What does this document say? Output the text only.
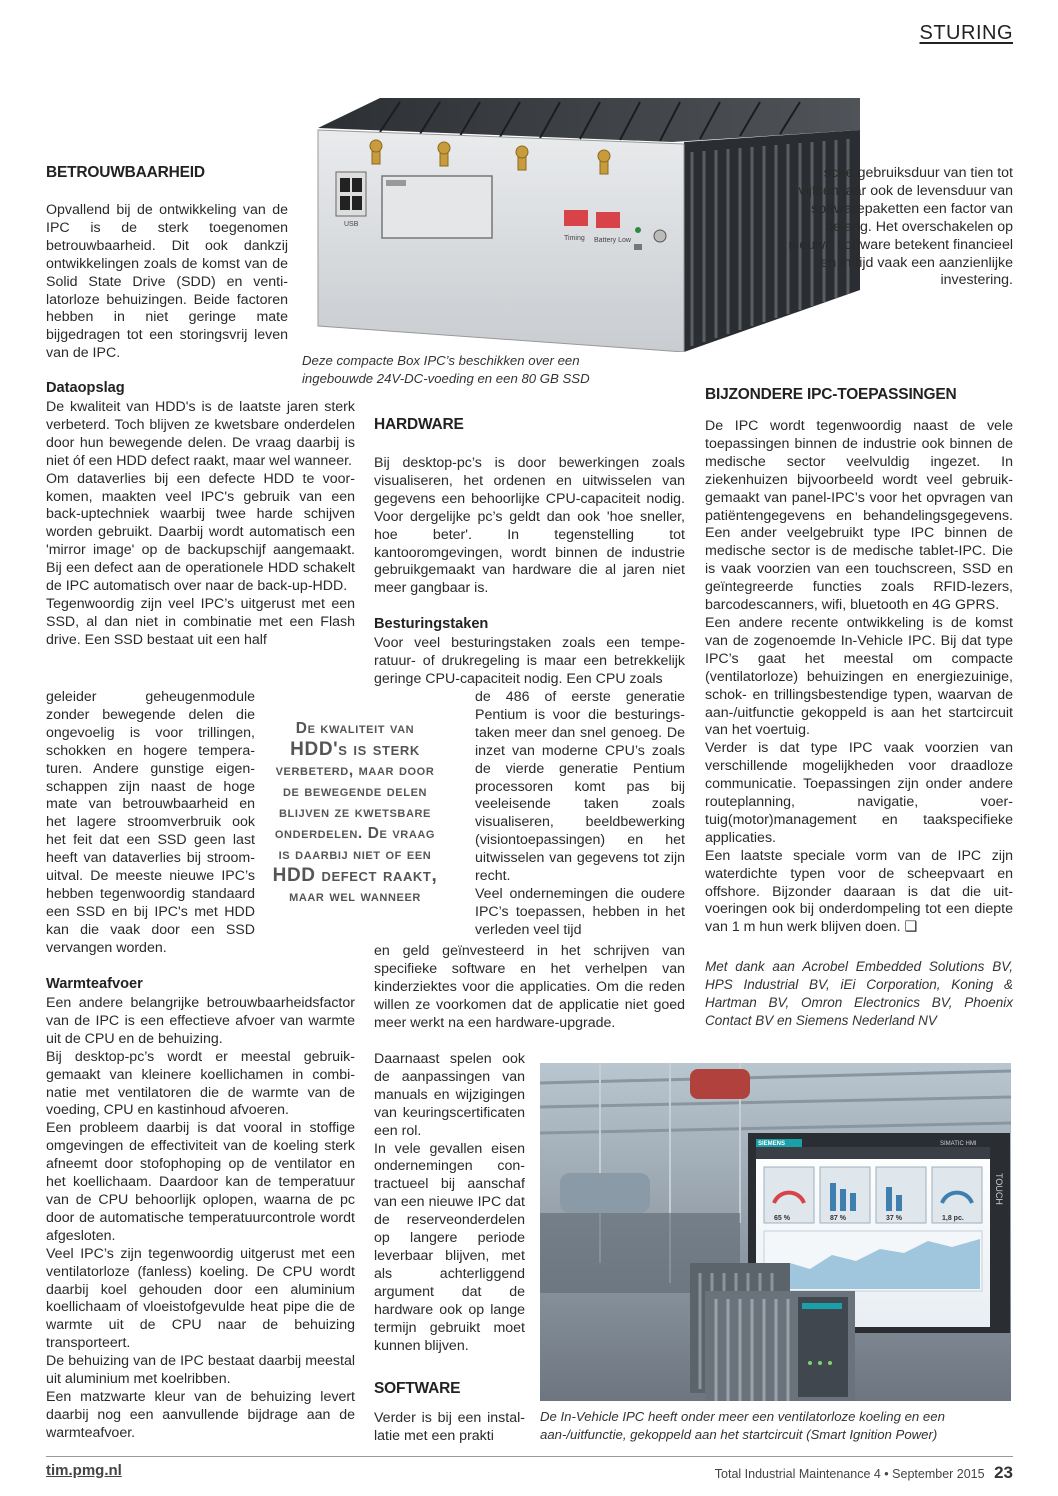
STURING
USB
Timing Battery Low
Deze compacte Box IPC’s beschikken over een
ingebouwde 24V-DC-voeding en een 80 GB SSD
BETROUWBAARHEID

Opvallend bij de ontwikkeling van de IPC is de sterk toegenomen betrouwbaarheid. Dit ook dankzij ontwikkelingen zoals de komst van de Solid State Drive (SDD) en ventilatorloze behuizingen. Beide factoren hebben in niet geringe mate bijgedragen tot een storingsvrij leven van de IPC.

Dataopslag

De kwaliteit van HDD's is de laatste jaren sterk verbeterd. Toch blijven ze kwetsbare onderdelen door hun bewegende delen. De vraag daarbij is niet óf een HDD defect raakt, maar wel wanneer.

Om dataverlies bij een defecte HDD te voorkomen, maakten veel IPC's gebruik van een back-uptechniek waarbij twee harde schijven worden gebruikt. Daarbij wordt automatisch een 'mirror image' op de backupschijf aangemaakt. Bij een defect aan de operationele HDD schakelt de IPC automatisch over naar de back-up-HDD.

Tegenwoordig zijn veel IPC’s uitgerust met een SSD, al dan niet in combinatie met een Flash drive. Een SSD bestaat uit een half

geleider geheugenmodule zonder bewegende delen die ongevoelig is voor trillingen, schokken en hogere temperaturen. Andere gunstige eigenschappen zijn naast de hoge mate van betrouwbaarheid en het lagere stroomverbruik ook het feit dat een SSD geen last heeft van dataverlies bij stroomuitval. De meeste nieuwe IPC’s hebben tegenwoordig standaard een SSD en bij IPC's met HDD kan die vaak door een SSD vervangen worden.

De kwaliteit van
HDD's is sterk
verbeterd, maar door
de bewegende delen
blijven ze kwetsbare
onderdelen. De vraag
is daarbij niet of een
HDD defect raakt,
maar wel wanneer
Warmteafvoer

Een andere belangrijke betrouwbaarheidsfactor van de IPC is een effectieve afvoer van warmte uit de CPU en de behuizing.

Bij desktop-pc’s wordt er meestal gebruikgemaakt van kleinere koellichamen in combinatie met ventilatoren die de warmte van de voeding, CPU en kastinhoud afvoeren.

Een probleem daarbij is dat vooral in stoffige omgevingen de effectiviteit van de koeling sterk afneemt door stofophoping op de ventilator en het koellichaam. Daardoor kan de temperatuur van de CPU behoorlijk oplopen, waarna de pc door de automatische temperatuurcontrole wordt afgesloten.

Veel IPC’s zijn tegenwoordig uitgerust met een ventilatorloze (fanless) koeling. De CPU wordt daarbij koel gehouden door een aluminium koellichaam of vloeistofgevulde heat pipe die de warmte uit de CPU naar de behuizing transporteert.

De behuizing van de IPC bestaat daarbij meestal uit aluminium met koelribben.

Een matzwarte kleur van de behuizing levert daarbij nog een aanvullende bijdrage aan de warmteafvoer.

HARDWARE

Bij desktop-pc’s is door bewerkingen zoals visualiseren, het ordenen en uitwisselen van gegevens een behoorlijke CPU-capaciteit nodig. Voor dergelijke pc’s geldt dan ook 'hoe sneller, hoe beter'. In tegenstelling tot kantooromgevingen, wordt binnen de industrie gebruikgemaakt van hardware die al jaren niet meer gangbaar is.

Besturingstaken

Voor veel besturingstaken zoals een temperatuur- of drukregeling is maar een betrekkelijk geringe CPU-capaciteit nodig. Een CPU zoals

de 486 of eerste generatie Pentium is voor die besturingstaken meer dan snel genoeg. De inzet van moderne CPU’s zoals de vierde generatie Pentium processoren komt pas bij veeleisende taken zoals visualiseren, beeldbewerking (visiontoepassingen) en het uitwisselen van gegevens tot zijn recht.

Veel ondernemingen die oudere IPC’s toepassen, hebben in het verleden veel tijd

en geld geïnvesteerd in het schrijven van specifieke software en het verhelpen van kinderziektes voor die applicaties. Om die reden willen ze voorkomen dat de applicatie niet goed meer werkt na een hardware-upgrade.

Daarnaast spelen ook de aanpassingen van manuals en wijzigingen van keuringscertificaten een rol.

In vele gevallen eisen ondernemingen contractueel bij aanschaf van een nieuwe IPC dat de reserveonderdelen op langere periode leverbaar blijven, met als achterliggend argument dat de hardware ook op lange termijn gebruikt moet kunnen blijven.

SOFTWARE

Verder is bij een installatie met een prakti

sche gebruiksduur van tien tot vijftien jaar ook de levensduur van softwarepaketten een factor van belang. Het overschakelen op nieuwe software betekent financieel en in tijd vaak een aanzienlijke investering.

BIJZONDERE IPC-TOEPASSINGEN

De IPC wordt tegenwoordig naast de vele toepassingen binnen de industrie ook binnen de medische sector veelvuldig ingezet. In ziekenhuizen bijvoorbeeld wordt veel gebruikgemaakt van panel-IPC’s voor het opvragen van patiëntengegevens en behandelingsgegevens. Een ander veelgebruikt type IPC binnen de medische sector is de medische tablet-IPC. Die is vaak voorzien van een touchscreen, SSD en geïntegreerde functies zoals RFID-lezers, barcodescanners, wifi, bluetooth en 4G GPRS.

Een andere recente ontwikkeling is de komst van de zogenoemde In-Vehicle IPC. Bij dat type IPC’s gaat het meestal om compacte (ventilatorloze) behuizingen en energiezuinige, schok- en trillingsbestendige typen, waarvan de aan-/uitfunctie gekoppeld is aan het startcircuit van het voertuig.

Verder is dat type IPC vaak voorzien van verschillende mogelijkheden voor draadloze communicatie. Toepassingen zijn onder andere routeplanning, navigatie, voertuig(motor)management en taakspecifieke applicaties.

Een laatste speciale vorm van de IPC zijn waterdichte typen voor de scheepvaart en offshore. Bijzonder daaraan is dat die uitvoeringen ook bij onderdompeling tot een diepte van 1 m hun werk blijven doen. ❑

Met dank aan Acrobel Embedded Solutions BV, HPS Industrial BV, iEi Corporation, Koning & Hartman BV, Omron Electronics BV, Phoenix Contact BV en Siemens Nederland NV
SIEMENS	SIMATIC HMI
TOUCH
65 %	87 %	37 %	1,8 pc.
De In-Vehicle IPC heeft onder meer een ventilatorloze koeling en een
aan-/uitfunctie, gekoppeld aan het startcircuit (Smart Ignition Power)
tim.pmg.nl	Total Industrial Maintenance 4 • September 2015 23
